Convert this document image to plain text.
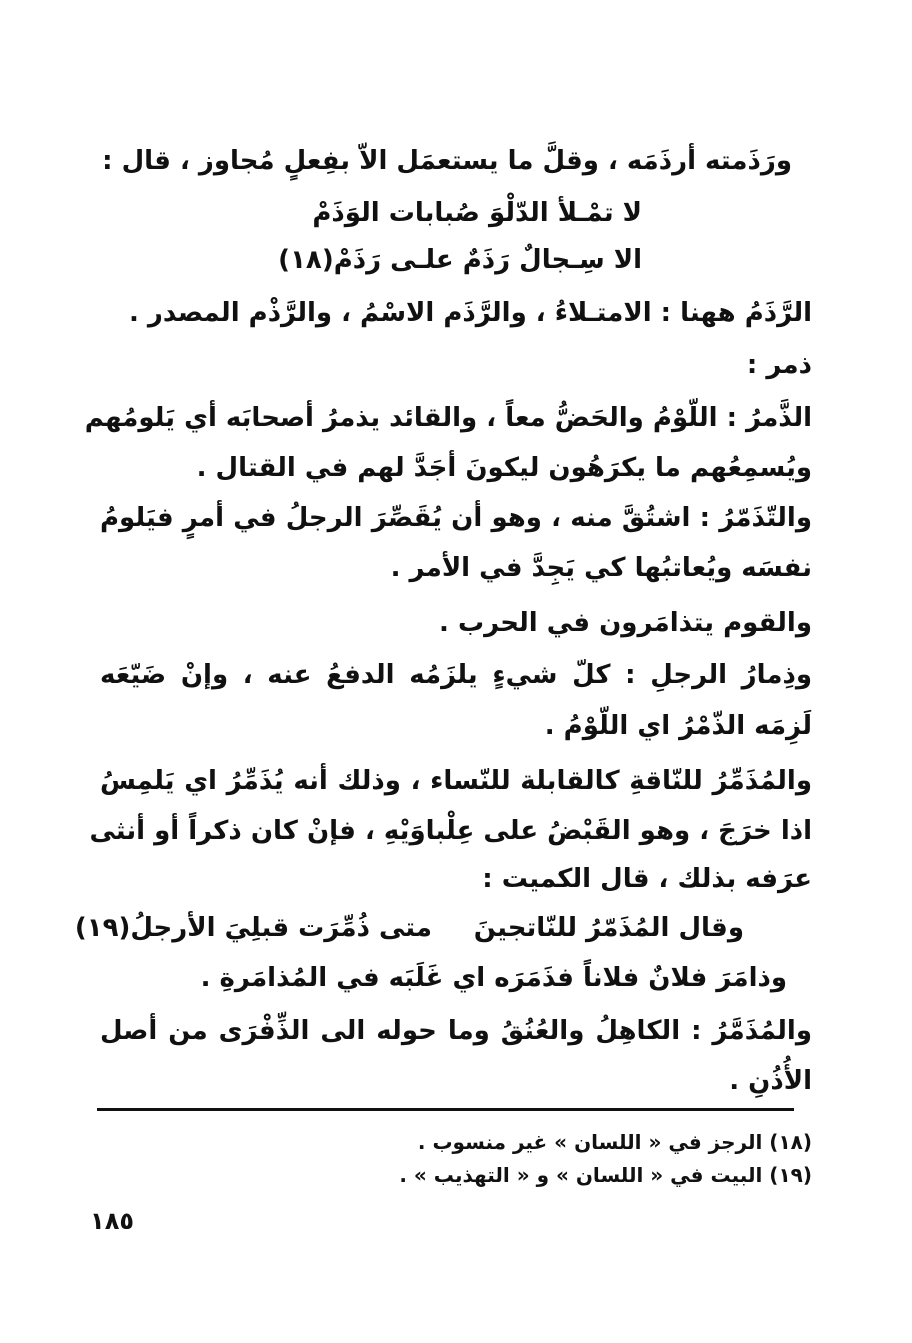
ورَذَمته أرذَمَه ، وقلَّ ما يستعمَل الاّ بفِعلٍ مُجاوز ، قال :
لا تمْـلأ الدّلْوَ صُبابات الوَذَمْ
الا سِـجالٌ رَذَمٌ علـى رَذَمْ(١٨)
الرَّذَمُ ههنا : الامتـلاءُ ، والرَّذَم الاسْمُ ، والرَّذْم المصدر .
ذمر :
الذَّمرُ : اللّوْمُ والحَضُّ معاً ، والقائد يذمرُ أصحابَه أي يَلومُهم
ويُسمِعُهم ما يكرَهُون ليكونَ أجَدَّ لهم في القتال .
والتّذَمّرُ : اشتُقَّ منه ، وهو أن يُقَصِّرَ الرجلُ في أمرٍ فيَلومُ
نفسَه ويُعاتبُها كي يَجِدَّ في الأمر .
والقوم يتذامَرون في الحرب .
وذِمارُ الرجلِ : كلّ شيءٍ يلزَمُه الدفعُ عنه ، وإنْ ضَيّعَه
لَزِمَه الذّمْرُ اي اللّوْمُ .
والمُذَمِّرُ للنّاقةِ كالقابلة للنّساء ، وذلك أنه يُذَمِّرُ اي يَلمِسُ
اذا خرَجَ ، وهو القَبْضُ على عِلْباوَيْهِ ، فإنْ كان ذكراً أو أنثى
عرَفه بذلك ، قال الكميت :
وقال المُذَمّرُ للنّاتجينَ
متى ذُمِّرَت قبلِيَ الأرجلُ(١٩)
وذامَرَ فلانٌ فلاناً فذَمَرَه اي غَلَبَه في المُذامَرةِ .
والمُذَمَّرُ : الكاهِلُ والعُنُقُ وما حوله الى الذِّفْرَى من أصل
الأُذُنِ .
(١٨) الرجز في « اللسان » غير منسوب .
(١٩) البيت في « اللسان » و « التهذيب » .
١٨٥
